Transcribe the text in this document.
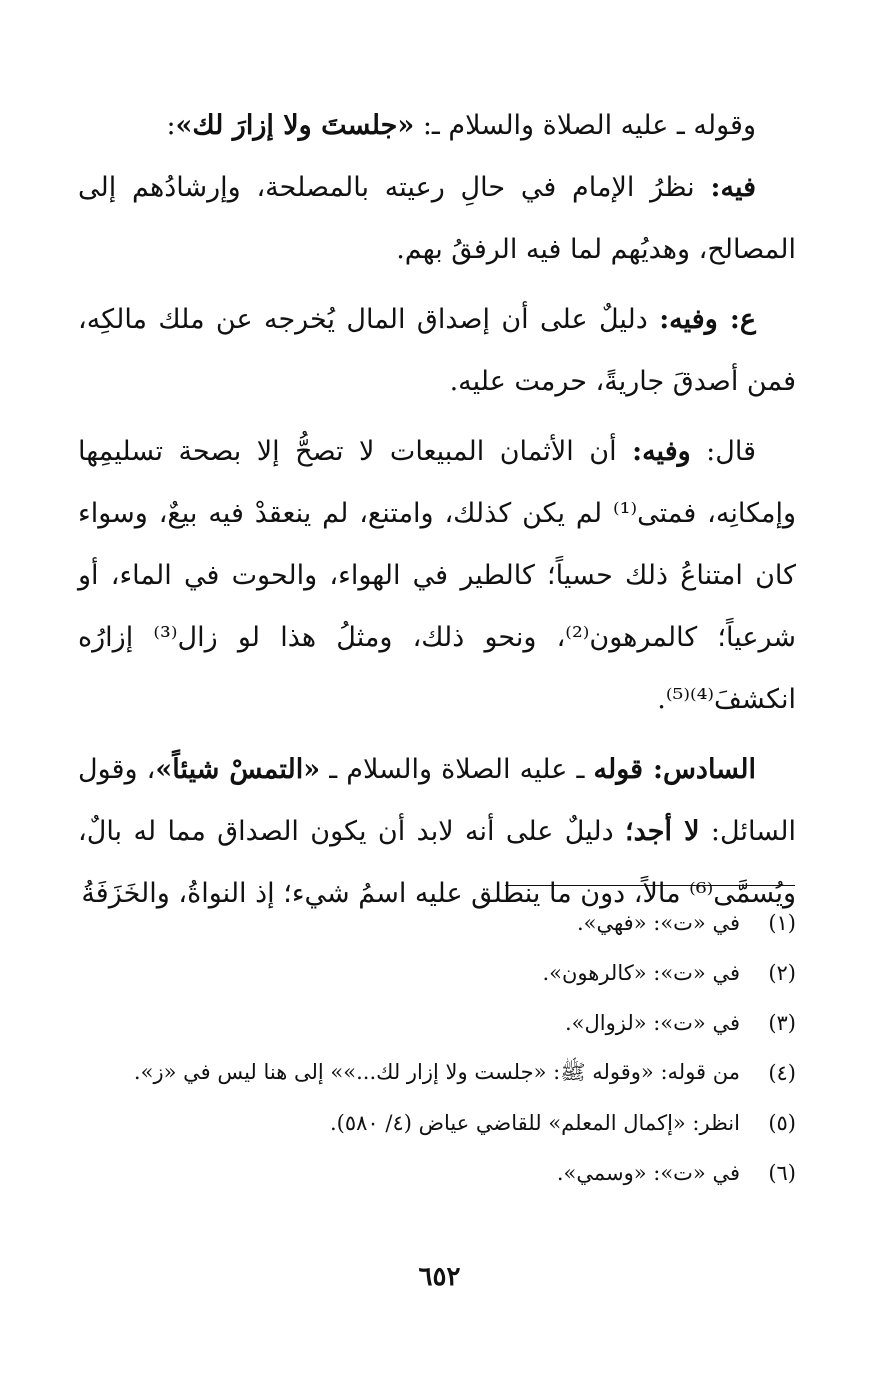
وقوله ـ عليه الصلاة والسلام ـ: «جلستَ ولا إزارَ لك»:

فيه: نظرُ الإمام في حالِ رعيته بالمصلحة، وإرشادُهم إلى المصالح، وهديُهم لما فيه الرفقُ بهم.

ع: وفيه: دليلٌ على أن إصداق المال يُخرجه عن ملك مالكِه، فمن أصدقَ جاريةً، حرمت عليه.

قال: وفيه: أن الأثمان المبيعات لا تصحُّ إلا بصحة تسليمِها وإمكانِه، فمتى⁽¹⁾ لم يكن كذلك، وامتنع، لم ينعقدْ فيه بيعٌ، وسواء كان امتناعُ ذلك حسياً؛ كالطير في الهواء، والحوت في الماء، أو شرعياً؛ كالمرهون⁽²⁾، ونحو ذلك، ومثلُ هذا لو زال⁽³⁾ إزارُه انكشفَ⁽⁴⁾⁽⁵⁾.

السادس: قوله ـ عليه الصلاة والسلام ـ «التمسْ شيئاً»، وقول السائل: لا أجد؛ دليلٌ على أنه لابد أن يكون الصداق مما له بالٌ، ويُسمَّى⁽⁶⁾ مالاً، دون ما ينطلق عليه اسمُ شيء؛ إذ النواةُ، والخَزَفَةُ

(١)
في «ت»: «فهي».

(٢)
في «ت»: «كالرهون».

(٣)
في «ت»: «لزوال».

(٤)
من قوله: «وقوله ﷺ: «جلست ولا إزار لك...»» إلى هنا ليس في «ز».

(٥)
انظر: «إكمال المعلم» للقاضي عياض (٤/ ٥٨٠).

(٦)
في «ت»: «وسمي».

٦٥٢
